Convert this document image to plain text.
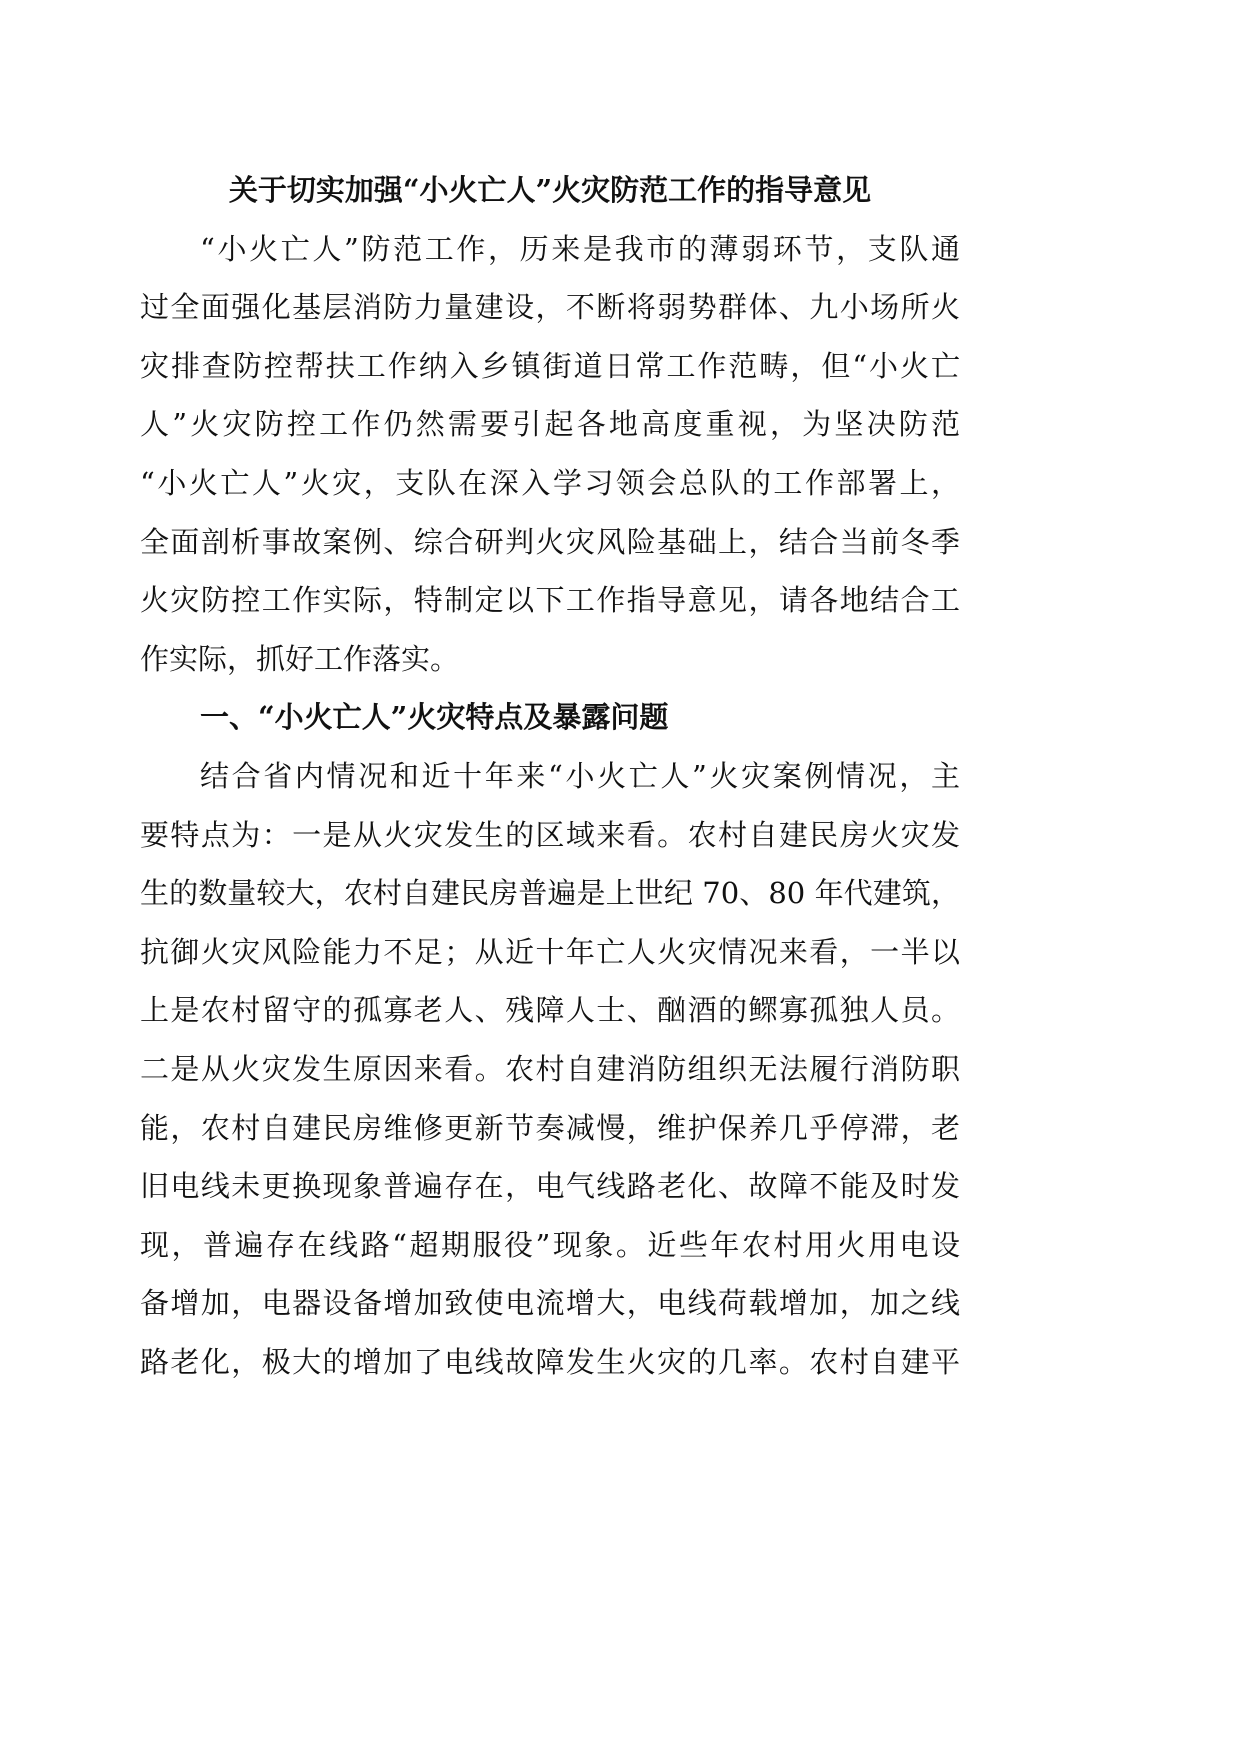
关于切实加强“小火亡人”火灾防范工作的指导意见
“小火亡人”防范工作，历来是我市的薄弱环节，支队通
过全面强化基层消防力量建设，不断将弱势群体、九小场所火
灾排查防控帮扶工作纳入乡镇街道日常工作范畴，但“小火亡
人”火灾防控工作仍然需要引起各地高度重视，为坚决防范
“小火亡人”火灾，支队在深入学习领会总队的工作部署上，
全面剖析事故案例、综合研判火灾风险基础上，结合当前冬季
火灾防控工作实际，特制定以下工作指导意见，请各地结合工
作实际，抓好工作落实。
一、“小火亡人”火灾特点及暴露问题
结合省内情况和近十年来“小火亡人”火灾案例情况，主
要特点为：一是从火灾发生的区域来看。农村自建民房火灾发
生的数量较大，农村自建民房普遍是上世纪 70、80 年代建筑，
抗御火灾风险能力不足；从近十年亡人火灾情况来看，一半以
上是农村留守的孤寡老人、残障人士、酗酒的鳏寡孤独人员。
二是从火灾发生原因来看。农村自建消防组织无法履行消防职
能，农村自建民房维修更新节奏减慢，维护保养几乎停滞，老
旧电线未更换现象普遍存在，电气线路老化、故障不能及时发
现，普遍存在线路“超期服役”现象。近些年农村用火用电设
备增加，电器设备增加致使电流增大，电线荷载增加，加之线
路老化，极大的增加了电线故障发生火灾的几率。农村自建平
